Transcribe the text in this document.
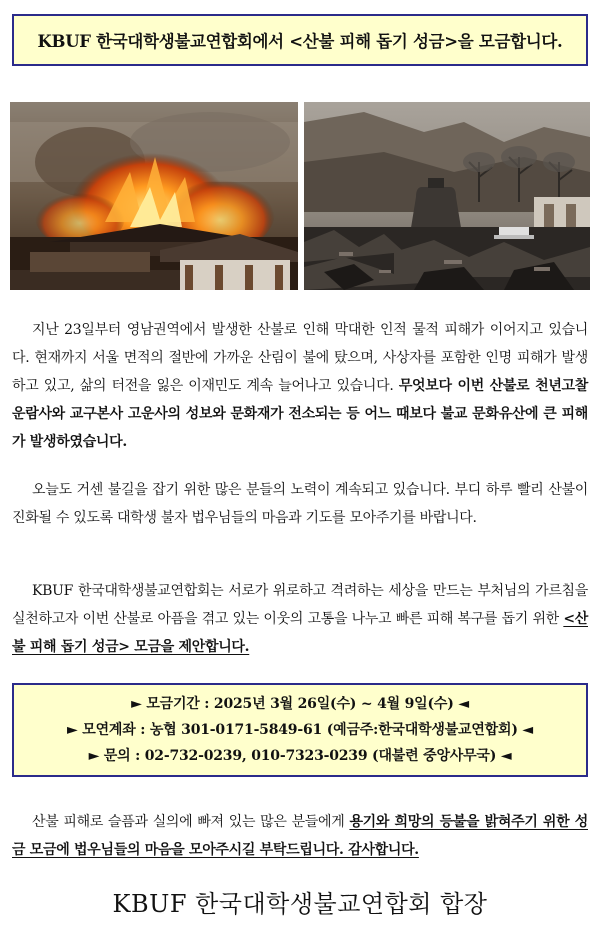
KBUF 한국대학생불교연합회에서 <산불 피해 돕기 성금>을 모금합니다.
지난 23일부터 영남권역에서 발생한 산불로 인해 막대한 인적 물적 피해가 이어지고 있습니다. 현재까지 서울 면적의 절반에 가까운 산림이 불에 탔으며, 사상자를 포함한 인명 피해가 발생하고 있고, 삶의 터전을 잃은 이재민도 계속 늘어나고 있습니다. 무엇보다 이번 산불로 천년고찰 운람사와 교구본사 고운사의 성보와 문화재가 전소되는 등 어느 때보다 불교 문화유산에 큰 피해가 발생하였습니다.
오늘도 거센 불길을 잡기 위한 많은 분들의 노력이 계속되고 있습니다. 부디 하루 빨리 산불이 진화될 수 있도록 대학생 불자 법우님들의 마음과 기도를 모아주기를 바랍니다.
KBUF 한국대학생불교연합회는 서로가 위로하고 격려하는 세상을 만드는 부처님의 가르침을 실천하고자 이번 산불로 아픔을 겪고 있는 이웃의 고통을 나누고 빠른 피해 복구를 돕기 위한 <산불 피해 돕기 성금> 모금을 제안합니다.
► 모금기간 : 2025년 3월 26일(수) ~ 4월 9일(수) ◄
► 모연계좌 : 농협 301-0171-5849-61 (예금주:한국대학생불교연합회) ◄
► 문의 : 02-732-0239, 010-7323-0239 (대불련 중앙사무국) ◄
산불 피해로 슬픔과 실의에 빠져 있는 많은 분들에게 용기와 희망의 등불을 밝혀주기 위한 성금 모금에 법우님들의 마음을 모아주시길 부탁드립니다. 감사합니다.
KBUF 한국대학생불교연합회 합장
